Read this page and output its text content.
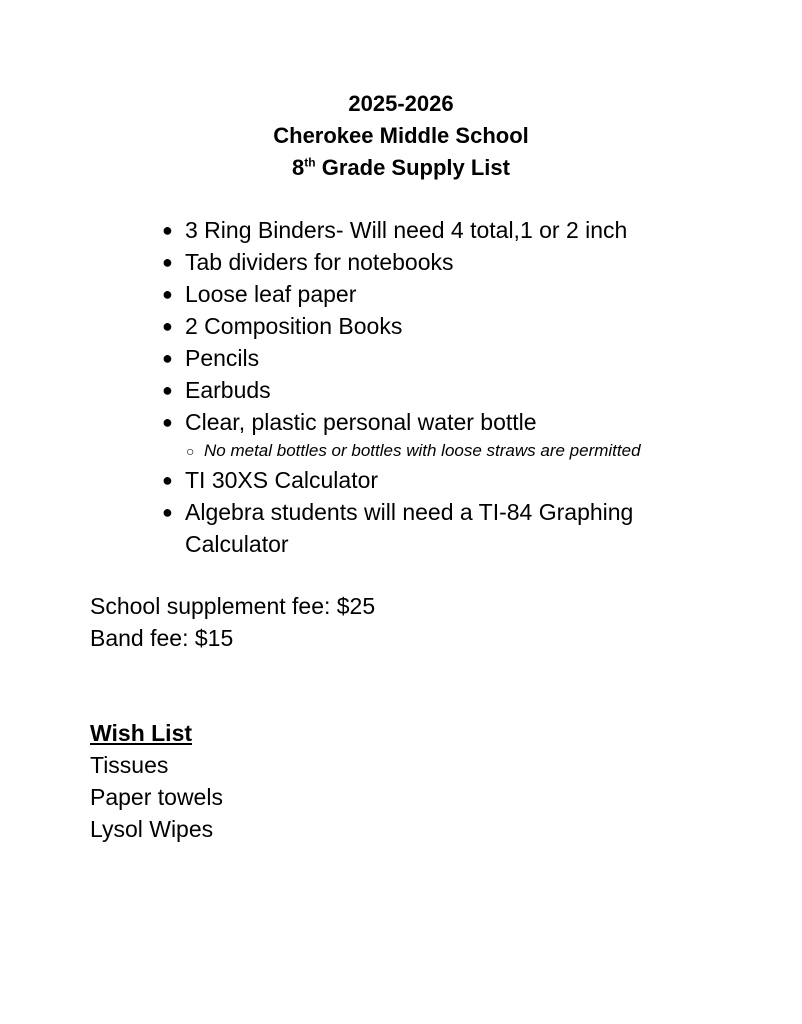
2025-2026
Cherokee Middle School
8th Grade Supply List
● 3 Ring Binders- Will need 4 total,1 or 2 inch
● Tab dividers for notebooks
● Loose leaf paper
● 2 Composition Books
● Pencils
● Earbuds
● Clear, plastic personal water bottle
○ No metal bottles or bottles with loose straws are permitted
● TI 30XS Calculator
● Algebra students will need a TI-84 Graphing Calculator
School supplement fee: $25
Band fee: $15
Wish List
Tissues
Paper towels
Lysol Wipes
